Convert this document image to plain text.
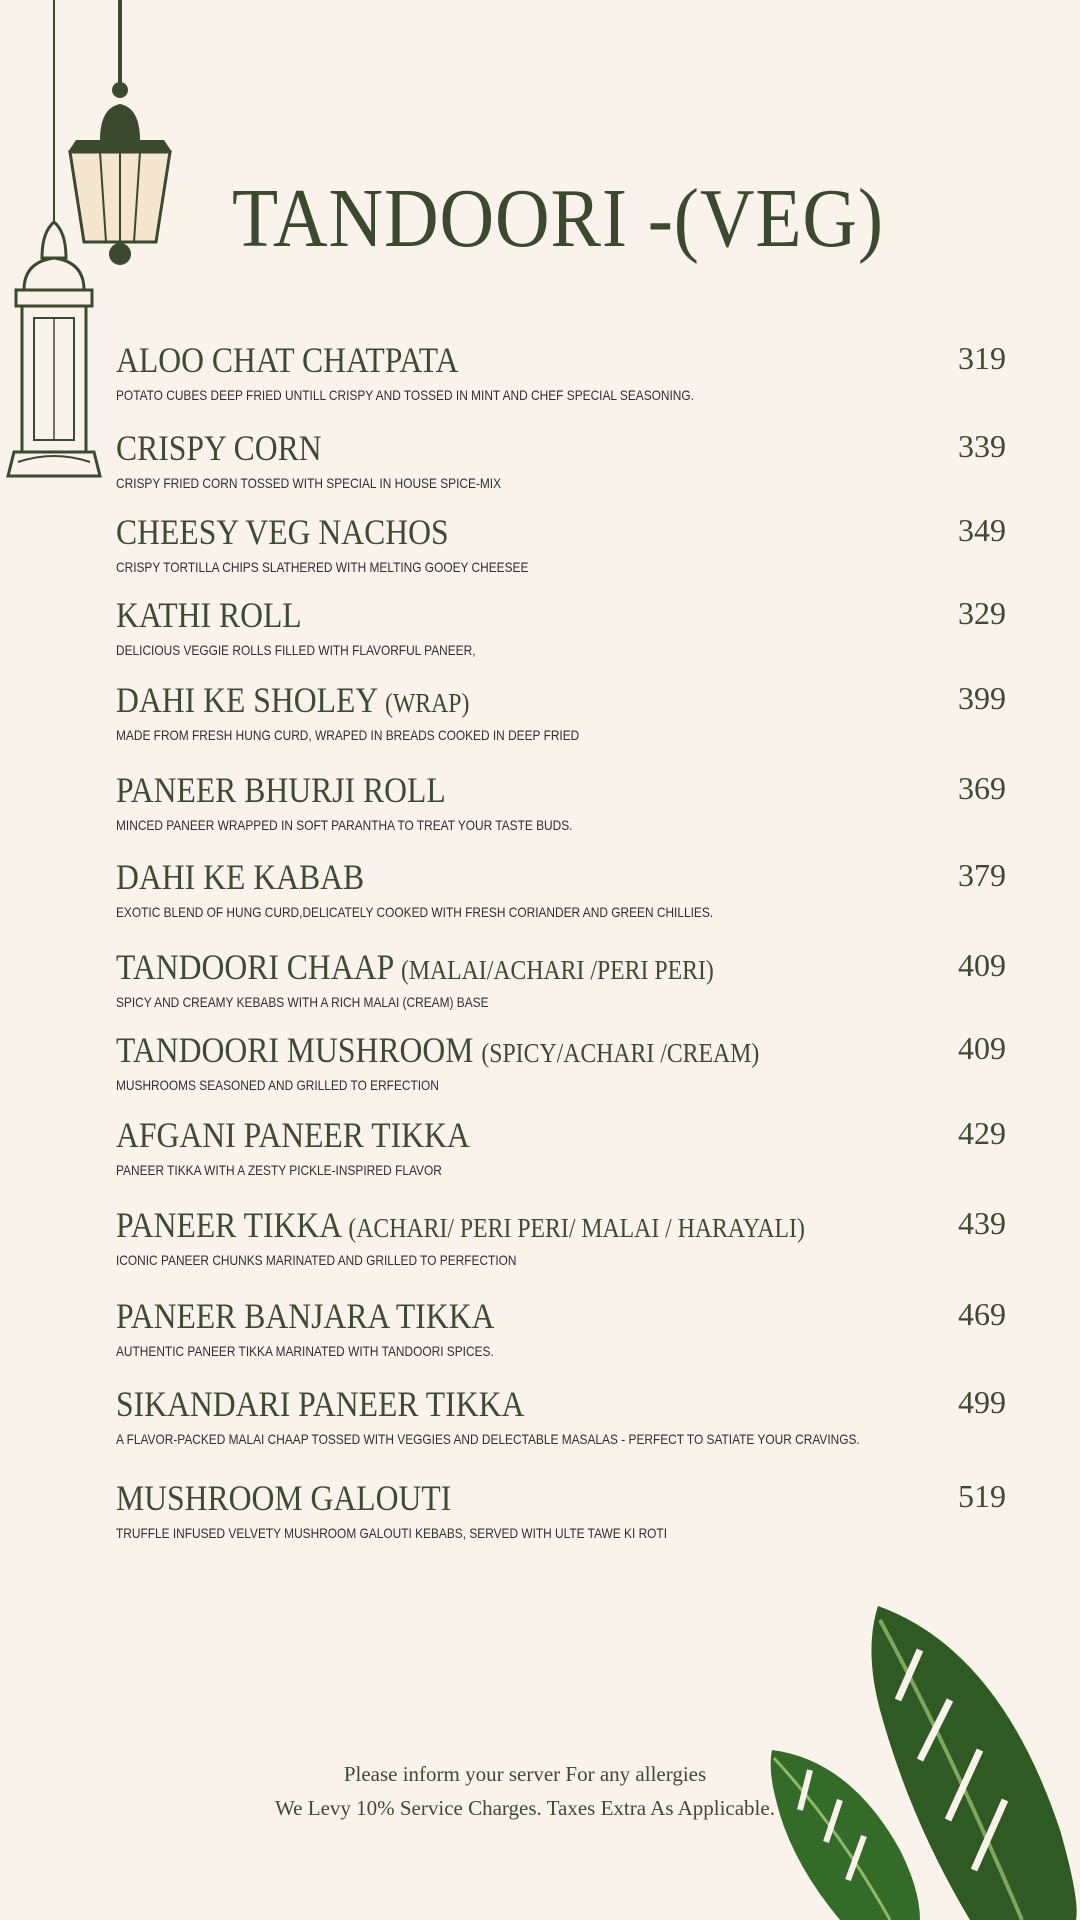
TANDOORI -(VEG)
ALOO CHAT CHATPATA
POTATO CUBES DEEP FRIED UNTILL CRISPY AND TOSSED IN MINT AND CHEF SPECIAL SEASONING.
319
CRISPY CORN
CRISPY FRIED CORN TOSSED WITH SPECIAL IN HOUSE SPICE-MIX
339
CHEESY VEG NACHOS
CRISPY TORTILLA CHIPS SLATHERED WITH MELTING GOOEY CHEESEE
349
KATHI ROLL
DELICIOUS VEGGIE ROLLS FILLED WITH FLAVORFUL PANEER,
329
DAHI KE SHOLEY (WRAP)
MADE FROM FRESH HUNG CURD, WRAPED IN BREADS COOKED IN DEEP FRIED
399
PANEER BHURJI ROLL
MINCED PANEER WRAPPED IN SOFT PARANTHA TO TREAT YOUR TASTE BUDS.
369
DAHI KE KABAB
EXOTIC BLEND OF HUNG CURD,DELICATELY COOKED WITH FRESH CORIANDER AND GREEN CHILLIES.
379
TANDOORI CHAAP (MALAI/ACHARI /PERI PERI)
SPICY AND CREAMY KEBABS WITH A RICH MALAI (CREAM) BASE
409
TANDOORI MUSHROOM (SPICY/ACHARI /CREAM)
MUSHROOMS SEASONED AND GRILLED TO ERFECTION
409
AFGANI PANEER TIKKA
PANEER TIKKA WITH A ZESTY PICKLE-INSPIRED FLAVOR
429
PANEER TIKKA (ACHARI/ PERI PERI/ MALAI / HARAYALI)
ICONIC PANEER CHUNKS MARINATED AND GRILLED TO PERFECTION
439
PANEER BANJARA TIKKA
AUTHENTIC PANEER TIKKA MARINATED WITH TANDOORI SPICES.
469
SIKANDARI PANEER TIKKA
A FLAVOR-PACKED MALAI CHAAP TOSSED WITH VEGGIES AND DELECTABLE MASALAS - PERFECT TO SATIATE YOUR CRAVINGS.
499
MUSHROOM GALOUTI
TRUFFLE INFUSED VELVETY MUSHROOM GALOUTI KEBABS, SERVED WITH ULTE TAWE KI ROTI
519
Please inform your server For any allergies
We Levy 10% Service Charges. Taxes Extra As Applicable.
